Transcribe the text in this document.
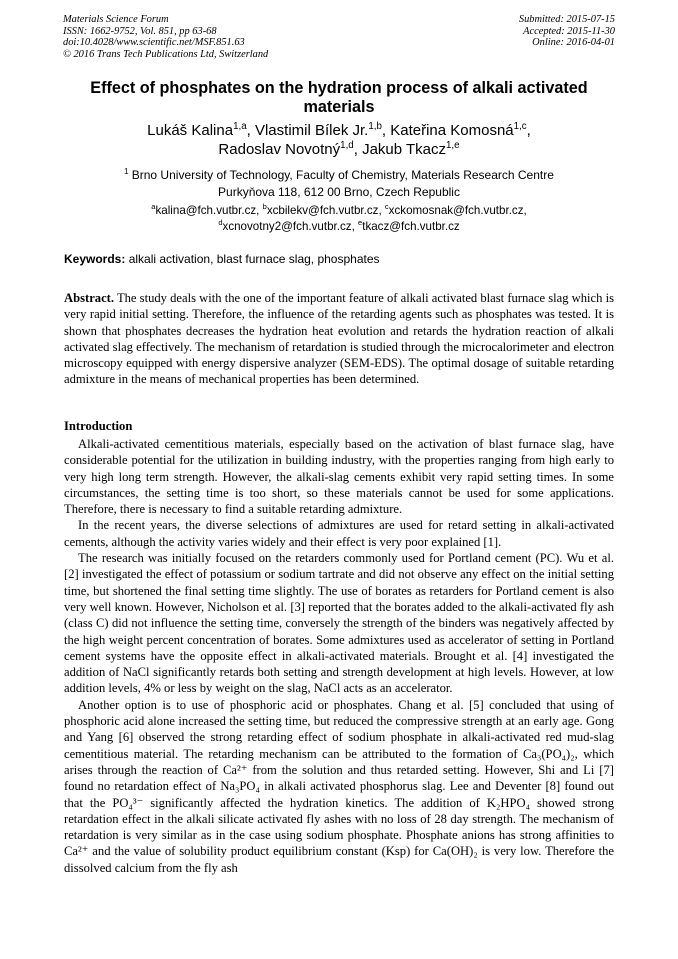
Materials Science Forum
ISSN: 1662-9752, Vol. 851, pp 63-68
doi:10.4028/www.scientific.net/MSF.851.63
© 2016 Trans Tech Publications Ltd, Switzerland
Submitted: 2015-07-15
Accepted: 2015-11-30
Online: 2016-04-01
Effect of phosphates on the hydration process of alkali activated materials
Lukáš Kalina$^{1,a}$, Vlastimil Bílek Jr.$^{1,b}$, Kateřina Komosná$^{1,c}$,
Radoslav Novotný$^{1,d}$, Jakub Tkacz$^{1,e}$
$^1$ Brno University of Technology, Faculty of Chemistry, Materials Research Centre
Purkyňova 118, 612 00 Brno, Czech Republic
$^a$kalina@fch.vutbr.cz, $^b$xcbilekv@fch.vutbr.cz, $^c$xckomosnak@fch.vutbr.cz,
$^d$xcnovotny2@fch.vutbr.cz, $^e$tkacz@fch.vutbr.cz
Keywords: alkali activation, blast furnace slag, phosphates

Abstract. The study deals with the one of the important feature of alkali activated blast furnace slag which is very rapid initial setting. Therefore, the influence of the retarding agents such as phosphates was tested. It is shown that phosphates decreases the hydration heat evolution and retards the hydration reaction of alkali activated slag effectively. The mechanism of retardation is studied through the microcalorimeter and electron microscopy equipped with energy dispersive analyzer (SEM-EDS). The optimal dosage of suitable retarding admixture in the means of mechanical properties has been determined.

Introduction

Alkali-activated cementitious materials, especially based on the activation of blast furnace slag, have considerable potential for the utilization in building industry, with the properties ranging from high early to very high long term strength. However, the alkali-slag cements exhibit very rapid setting times. In some circumstances, the setting time is too short, so these materials cannot be used for some applications. Therefore, there is necessary to find a suitable retarding admixture.

In the recent years, the diverse selections of admixtures are used for retard setting in alkali-activated cements, although the activity varies widely and their effect is very poor explained [1].

The research was initially focused on the retarders commonly used for Portland cement (PC). Wu et al. [2] investigated the effect of potassium or sodium tartrate and did not observe any effect on the initial setting time, but shortened the final setting time slightly. The use of borates as retarders for Portland cement is also very well known. However, Nicholson et al. [3] reported that the borates added to the alkali-activated fly ash (class C) did not influence the setting time, conversely the strength of the binders was negatively affected by the high weight percent concentration of borates. Some admixtures used as accelerator of setting in Portland cement systems have the opposite effect in alkali-activated materials. Brought et al. [4] investigated the addition of NaCl significantly retards both setting and strength development at high levels. However, at low addition levels, 4% or less by weight on the slag, NaCl acts as an accelerator.

Another option is to use of phosphoric acid or phosphates. Chang et al. [5] concluded that using of phosphoric acid alone increased the setting time, but reduced the compressive strength at an early age. Gong and Yang [6] observed the strong retarding effect of sodium phosphate in alkali-activated red mud-slag cementitious material. The retarding mechanism can be attributed to the formation of Ca₃(PO₄)₂, which arises through the reaction of Ca²⁺ from the solution and thus retarded setting. However, Shi and Li [7] found no retardation effect of Na₃PO₄ in alkali activated phosphorus slag. Lee and Deventer [8] found out that the PO₄³⁻ significantly affected the hydration kinetics. The addition of K₂HPO₄ showed strong retardation effect in the alkali silicate activated fly ashes with no loss of 28 day strength. The mechanism of retardation is very similar as in the case using sodium phosphate. Phosphate anions has strong affinities to Ca²⁺ and the value of solubility product equilibrium constant (Ksp) for Ca(OH)₂ is very low. Therefore the dissolved calcium from the fly ash
